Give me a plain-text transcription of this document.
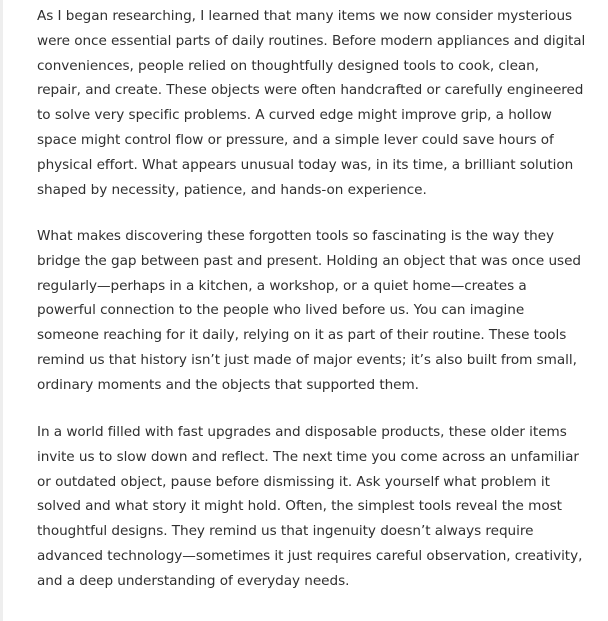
As I began researching, I learned that many items we now consider mysterious
were once essential parts of daily routines. Before modern appliances and digital
conveniences, people relied on thoughtfully designed tools to cook, clean,
repair, and create. These objects were often handcrafted or carefully engineered
to solve very specific problems. A curved edge might improve grip, a hollow
space might control flow or pressure, and a simple lever could save hours of
physical effort. What appears unusual today was, in its time, a brilliant solution
shaped by necessity, patience, and hands-on experience.

What makes discovering these forgotten tools so fascinating is the way they
bridge the gap between past and present. Holding an object that was once used
regularly—perhaps in a kitchen, a workshop, or a quiet home—creates a
powerful connection to the people who lived before us. You can imagine
someone reaching for it daily, relying on it as part of their routine. These tools
remind us that history isn’t just made of major events; it’s also built from small,
ordinary moments and the objects that supported them.

In a world filled with fast upgrades and disposable products, these older items
invite us to slow down and reflect. The next time you come across an unfamiliar
or outdated object, pause before dismissing it. Ask yourself what problem it
solved and what story it might hold. Often, the simplest tools reveal the most
thoughtful designs. They remind us that ingenuity doesn’t always require
advanced technology—sometimes it just requires careful observation, creativity,
and a deep understanding of everyday needs.
